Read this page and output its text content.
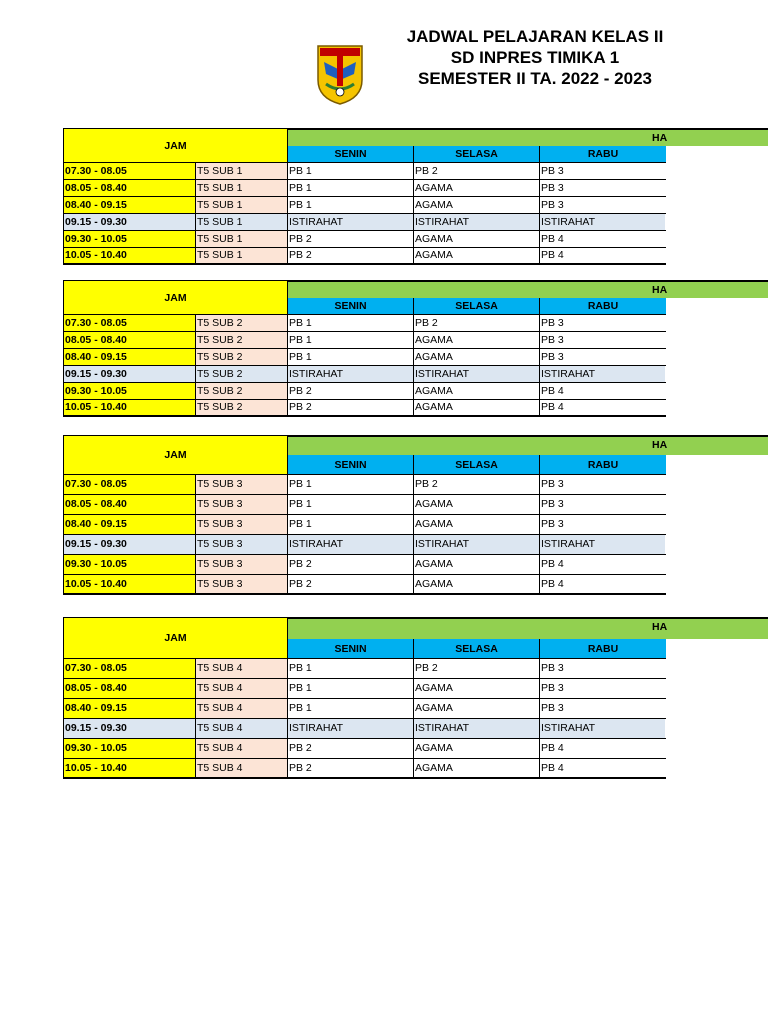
JADWAL PELAJARAN KELAS II
SD INPRES TIMIKA 1
SEMESTER II TA. 2022 - 2023
JAM
HA
SENIN	SELASA	RABU
07.30 - 08.05	T5 SUB 1	PB 1	PB 2	PB 3
08.05 - 08.40	T5 SUB 1	PB 1	AGAMA	PB 3
08.40 - 09.15	T5 SUB 1	PB 1	AGAMA	PB 3
09.15 - 09.30	T5 SUB 1	ISTIRAHAT	ISTIRAHAT	ISTIRAHAT
09.30 - 10.05	T5 SUB 1	PB 2	AGAMA	PB 4
10.05 - 10.40	T5 SUB 1	PB 2	AGAMA	PB 4
JAM
HA
SENIN	SELASA	RABU
07.30 - 08.05	T5 SUB 2	PB 1	PB 2	PB 3
08.05 - 08.40	T5 SUB 2	PB 1	AGAMA	PB 3
08.40 - 09.15	T5 SUB 2	PB 1	AGAMA	PB 3
09.15 - 09.30	T5 SUB 2	ISTIRAHAT	ISTIRAHAT	ISTIRAHAT
09.30 - 10.05	T5 SUB 2	PB 2	AGAMA	PB 4
10.05 - 10.40	T5 SUB 2	PB 2	AGAMA	PB 4
JAM
HA
SENIN	SELASA	RABU
07.30 - 08.05	T5 SUB 3	PB 1	PB 2	PB 3
08.05 - 08.40	T5 SUB 3	PB 1	AGAMA	PB 3
08.40 - 09.15	T5 SUB 3	PB 1	AGAMA	PB 3
09.15 - 09.30	T5 SUB 3	ISTIRAHAT	ISTIRAHAT	ISTIRAHAT
09.30 - 10.05	T5 SUB 3	PB 2	AGAMA	PB 4
10.05 - 10.40	T5 SUB 3	PB 2	AGAMA	PB 4
JAM
HA
SENIN	SELASA	RABU
07.30 - 08.05	T5 SUB 4	PB 1	PB 2	PB 3
08.05 - 08.40	T5 SUB 4	PB 1	AGAMA	PB 3
08.40 - 09.15	T5 SUB 4	PB 1	AGAMA	PB 3
09.15 - 09.30	T5 SUB 4	ISTIRAHAT	ISTIRAHAT	ISTIRAHAT
09.30 - 10.05	T5 SUB 4	PB 2	AGAMA	PB 4
10.05 - 10.40	T5 SUB 4	PB 2	AGAMA	PB 4
